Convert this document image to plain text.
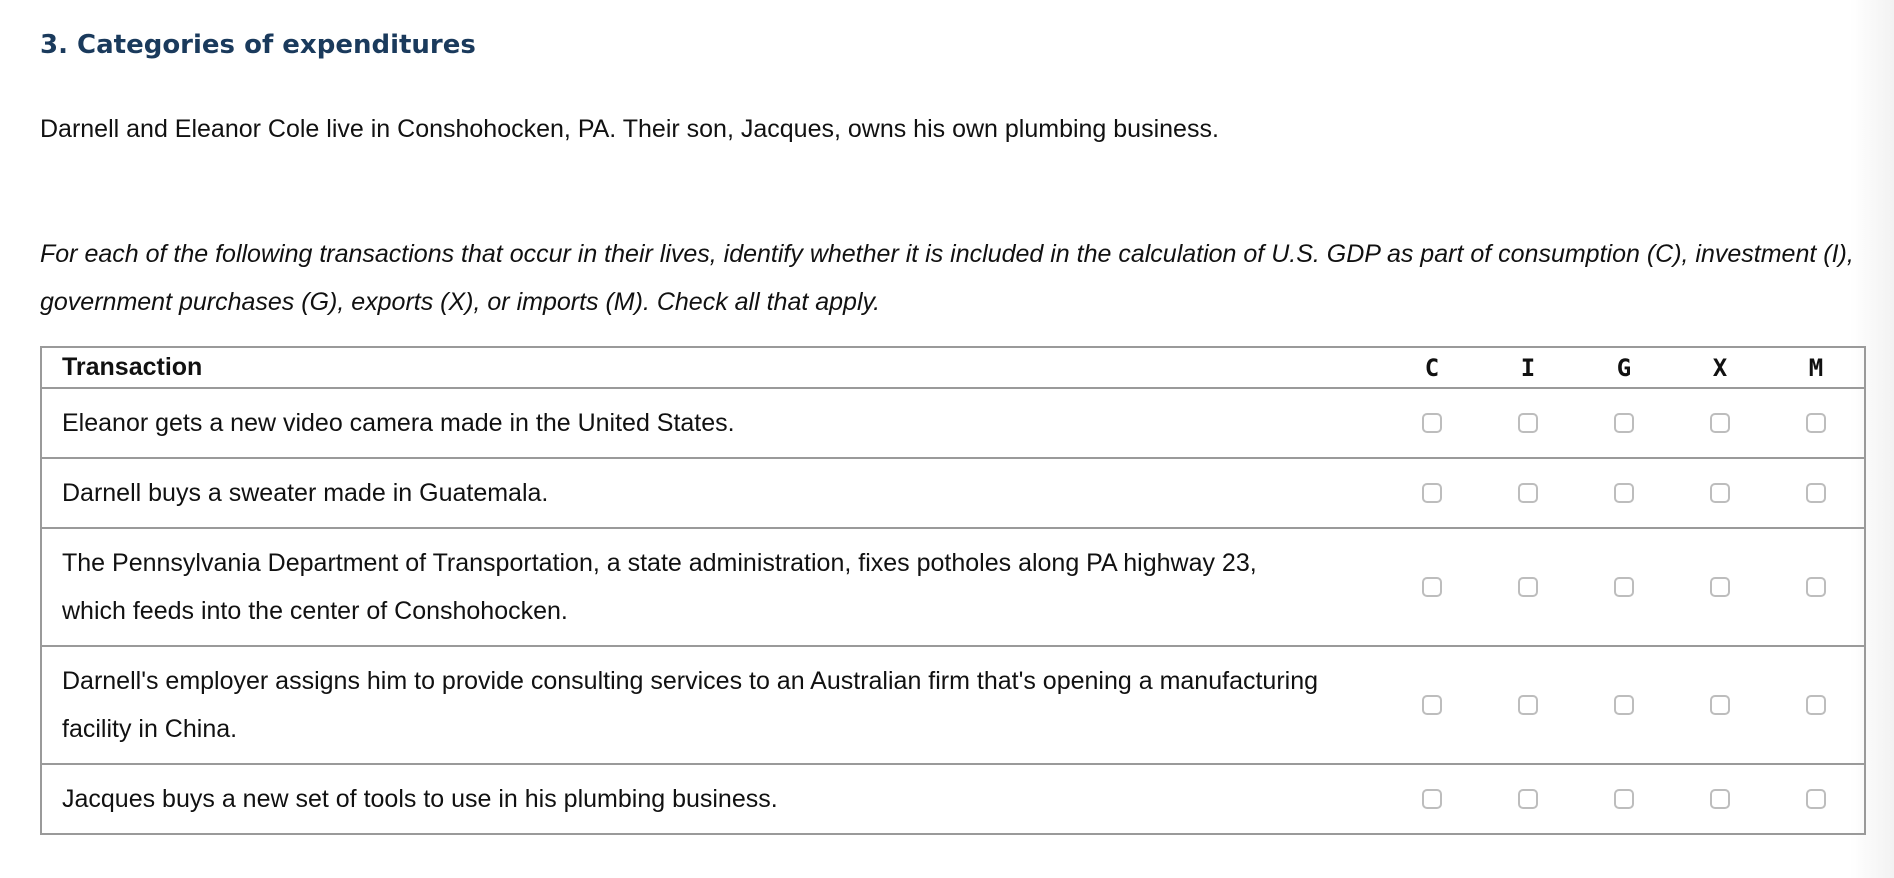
3. Categories of expenditures
Darnell and Eleanor Cole live in Conshohocken, PA. Their son, Jacques, owns his own plumbing business.
For each of the following transactions that occur in their lives, identify whether it is included in the calculation of U.S. GDP as part of consumption (C), investment (I), government purchases (G), exports (X), or imports (M). Check all that apply.
Transaction	C	I	G	X	M
Eleanor gets a new video camera made in the United States.
Darnell buys a sweater made in Guatemala.
The Pennsylvania Department of Transportation, a state administration, fixes potholes along PA highway 23, which feeds into the center of Conshohocken.
Darnell's employer assigns him to provide consulting services to an Australian firm that's opening a manufacturing facility in China.
Jacques buys a new set of tools to use in his plumbing business.
